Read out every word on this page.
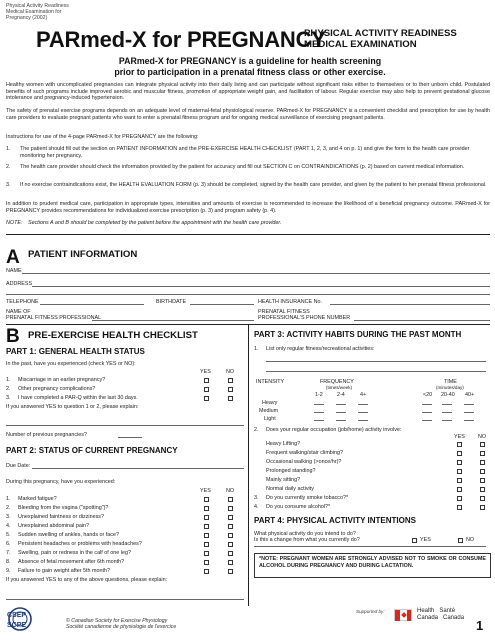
Physical Activity Readiness
Medical Examination for
Pregnancy (2002)
PARmed-X for PREGNANCY
PHYSICAL ACTIVITY READINESS
MEDICAL EXAMINATION
PARmed-X for PREGNANCY is a guideline for health screening
prior to participation in a prenatal fitness class or other exercise.
Healthy women with uncomplicated pregnancies can integrate physical activity into their daily living and can participate without significant risks either to themselves or to their unborn child. Postulated benefits of such programs include improved aerobic and muscular fitness, promotion of appropriate weight gain, and facilitation of labour. Regular exercise may also help to prevent gestational glucose intolerance and pregnancy-induced hypertension.
The safety of prenatal exercise programs depends on an adequate level of maternal-fetal physiological reserve. PARmed-X for PREGNANCY is a convenient checklist and prescription for use by health care providers to evaluate pregnant patients who want to enter a prenatal fitness program and for ongoing medical surveillance of exercising pregnant patients.
Instructions for use of the 4-page PARmed-X for PREGNANCY are the following:
1. The patient should fill out the section on PATIENT INFORMATION and the PRE-EXERCISE HEALTH CHECKLIST (PART 1, 2, 3, and 4 on p. 1) and give the form to the health care provider monitoring her pregnancy.
2. The health care provider should check the information provided by the patient for accuracy and fill out SECTION C on CONTRAINDICATIONS (p. 2) based on current medical information.
3. If no exercise contraindications exist, the HEALTH EVALUATION FORM (p. 3) should be completed, signed by the health care provider, and given by the patient to her prenatal fitness professional.
In addition to prudent medical care, participation in appropriate types, intensities and amounts of exercise is recommended to increase the likelihood of a beneficial pregnancy outcome. PARmed-X for PREGNANCY provides recommendations for individualized exercise prescription (p. 3) and program safety (p. 4).
NOTE: Sections A and B should be completed by the patient before the appointment with the health care provider.
A PATIENT INFORMATION
NAME
ADDRESS
TELEPHONE	BIRTHDATE	HEALTH INSURANCE No.
NAME OF
PRENATAL FITNESS PROFESSIONAL
PRENATAL FITNESS
PROFESSIONAL'S PHONE NUMBER
B PRE-EXERCISE HEALTH CHECKLIST
PART 1: GENERAL HEALTH STATUS
In the past, have you experienced (check YES or NO):
YES	NO
1. Miscarriage in an earlier pregnancy?
2. Other pregnancy complications?
3. I have completed a PAR-Q within the last 30 days.
If you answered YES to question 1 or 2, please explain:
Number of previous pregnancies?
PART 2: STATUS OF CURRENT PREGNANCY
Due Date:
During this pregnancy, have you experienced:
YES	NO
1. Marked fatigue?
2. Bleeding from the vagina ("spotting")?
3. Unexplained faintness or dizziness?
4. Unexplained abdominal pain?
5. Sudden swelling of ankles, hands or face?
6. Persistent headaches or problems with headaches?
7. Swelling, pain or redness in the calf of one leg?
8. Absence of fetal movement after 6th month?
9. Failure to gain weight after 5th month?
If you answered YES to any of the above questions, please explain:
PART 3: ACTIVITY HABITS DURING THE PAST MONTH
1. List only regular fitness/recreational activities:
INTENSITY	FREQUENCY
(times/week)
TIME
(minutes/day)
1-2	2-4	4+	<20 20-40 40+
Heavy
Medium
Light
2. Does your regular occupation (job/home) activity involve:
YES NO
Heavy Lifting?
Frequent walking/stair climbing?
Occasional walking (>once/hr)?
Prolonged standing?
Mainly sitting?
Normal daily activity
3. Do you currently smoke tobacco?*
4. Do you consume alcohol?*
PART 4: PHYSICAL ACTIVITY INTENTIONS
What physical activity do you intend to do?
*NOTE: PREGNANT WOMEN ARE STRONGLY ADVISED NOT TO SMOKE OR CONSUME ALCOHOL DURING PREGNANCY AND DURING LACTATION.
CSEP
SCPE
© Canadian Society for Exercise Physiology
Société canadienne de physiologie de l'exercice
Supported by:	Health Santé
Canada Canada 1
Is this a change from what you currently do?	YES	NO
